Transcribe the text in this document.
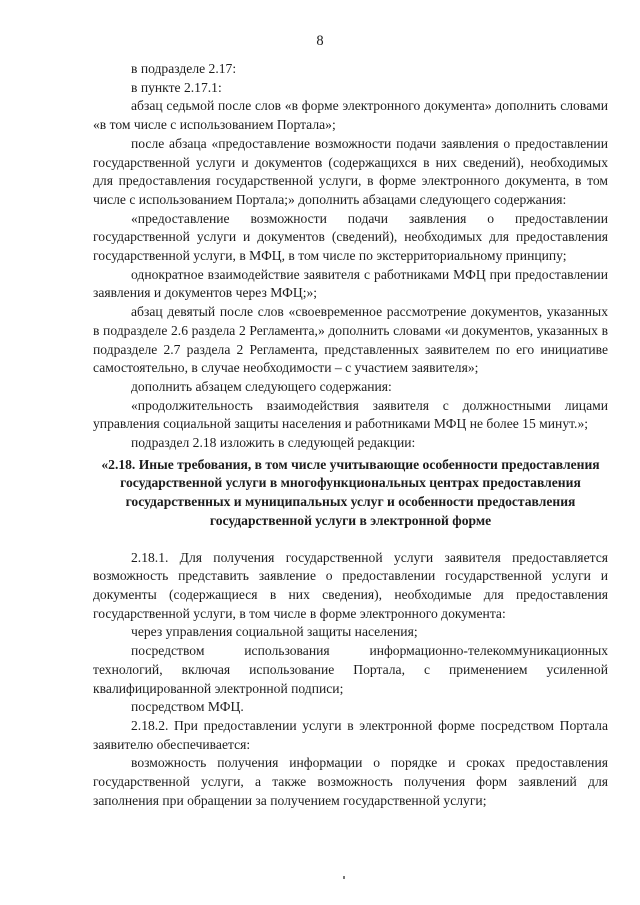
8

в подразделе 2.17:

в пункте 2.17.1:

абзац седьмой после слов «в форме электронного документа» дополнить словами «в том числе с использованием Портала»;

после абзаца «предоставление возможности подачи заявления о предоставлении государственной услуги и документов (содержащихся в них сведений), необходимых для предоставления государственной услуги, в форме электронного документа, в том числе с использованием Портала;» дополнить абзацами следующего содержания:

«предоставление возможности подачи заявления о предоставлении государственной услуги и документов (сведений), необходимых для предоставления государственной услуги, в МФЦ, в том числе по экстерриториальному принципу;

однократное взаимодействие заявителя с работниками МФЦ при предоставлении заявления и документов через МФЦ;»;

абзац девятый после слов «своевременное рассмотрение документов, указанных в подразделе 2.6 раздела 2 Регламента,» дополнить словами «и документов, указанных в подразделе 2.7 раздела 2 Регламента, представленных заявителем по его инициативе самостоятельно, в случае необходимости – с участием заявителя»;

дополнить абзацем следующего содержания:

«продолжительность взаимодействия заявителя с должностными лицами управления социальной защиты населения и работниками МФЦ не более 15 минут.»;

подраздел 2.18 изложить в следующей редакции:

«2.18. Иные требования, в том числе учитывающие особенности предоставления государственной услуги в многофункциональных центрах предоставления государственных и муниципальных услуг и особенности предоставления государственной услуги в электронной форме

2.18.1. Для получения государственной услуги заявителя предоставляется возможность представить заявление о предоставлении государственной услуги и документы (содержащиеся в них сведения), необходимые для предоставления государственной услуги, в том числе в форме электронного документа:

через управления социальной защиты населения;

посредством использования информационно-телекоммуникационных технологий, включая использование Портала, с применением усиленной квалифицированной электронной подписи;

посредством МФЦ.

2.18.2. При предоставлении услуги в электронной форме посредством Портала заявителю обеспечивается:

возможность получения информации о порядке и сроках предоставления государственной услуги, а также возможность получения форм заявлений для заполнения при обращении за получением государственной услуги;
